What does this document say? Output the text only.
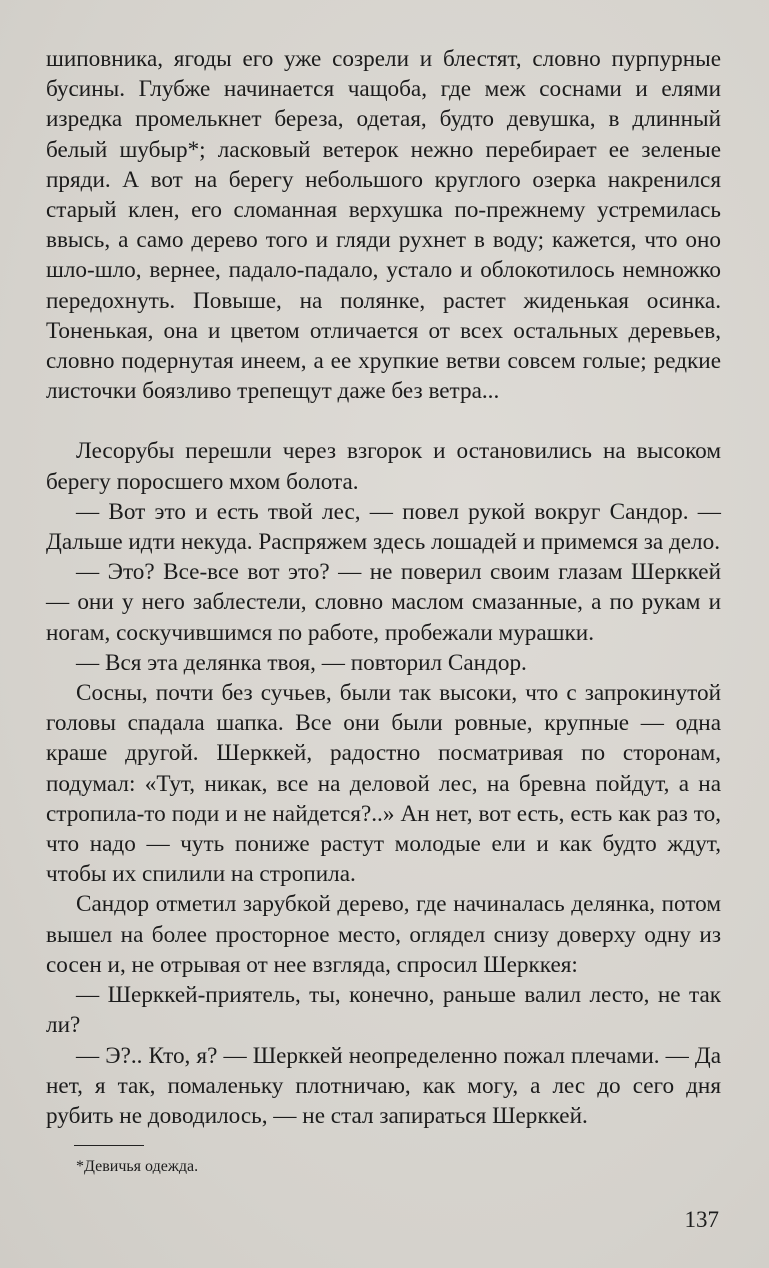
шиповника, ягоды его уже созрели и блестят, словно пурпурные бусины. Глубже начинается чащоба, где меж соснами и елями изредка промелькнет береза, одетая, будто девушка, в длинный белый шубыр*; ласковый ветерок нежно перебирает ее зеленые пряди. А вот на берегу небольшого круглого озерка накренился старый клен, его сломанная верхушка по-прежнему устремилась ввысь, а само дерево того и гляди рухнет в воду; кажется, что оно шло-шло, вернее, падало-падало, устало и облокотилось немножко передохнуть. Повыше, на полянке, растет жиденькая осинка. Тоненькая, она и цветом отличается от всех остальных деревьев, словно подернутая инеем, а ее хрупкие ветви совсем голые; редкие листочки боязливо трепещут даже без ветра...

Лесорубы перешли через взгорок и остановились на высоком берегу поросшего мхом болота.

— Вот это и есть твой лес, — повел рукой вокруг Сандор. — Дальше идти некуда. Распряжем здесь лошадей и примемся за дело.

— Это? Все-все вот это? — не поверил своим глазам Шерккей — они у него заблестели, словно маслом смазанные, а по рукам и ногам, соскучившимся по работе, пробежали мурашки.

— Вся эта делянка твоя, — повторил Сандор.

Сосны, почти без сучьев, были так высоки, что с запрокинутой головы спадала шапка. Все они были ровные, крупные — одна краше другой. Шерккей, радостно посматривая по сторонам, подумал: «Тут, никак, все на деловой лес, на бревна пойдут, а на стропила-то поди и не найдется?..» Ан нет, вот есть, есть как раз то, что надо — чуть пониже растут молодые ели и как будто ждут, чтобы их спилили на стропила.

Сандор отметил зарубкой дерево, где начиналась делянка, потом вышел на более просторное место, оглядел снизу доверху одну из сосен и, не отрывая от нее взгляда, спросил Шерккея:

— Шерккей-приятель, ты, конечно, раньше валил лесто, не так ли?

— Э?.. Кто, я? — Шерккей неопределенно пожал плечами. — Да нет, я так, помаленьку плотничаю, как могу, а лес до сего дня рубить не доводилось, — не стал запираться Шерккей.

*Девичья одежда.
137
